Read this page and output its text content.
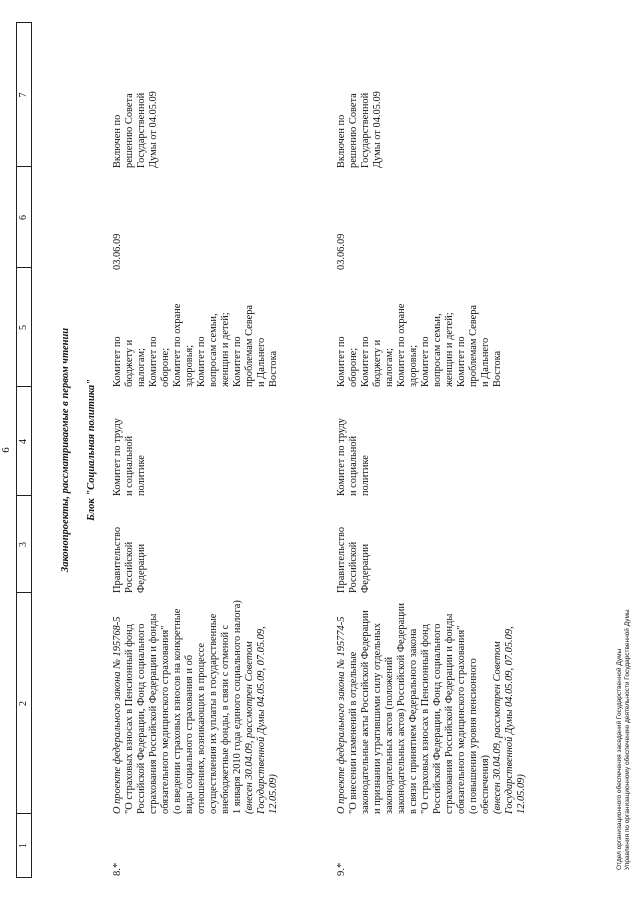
6
1
2
3
4
5
6
7
Законопроекты, рассматриваемые в первом чтении Блок "Социальная политика"
8.*

О проекте федерального закона № 195768-5 "О страховых взносах в Пенсионный фонд Российской Федерации, Фонд социального страхования Российской Федерации и фонды обязательного медицинского страхования" (о введении страховых взносов на конкретные виды социального страхования и об отношениях, возникающих в процессе осуществления их уплаты в государственные внебюджетные фонды, в связи с отменой с 1 января 2010 года единого социального налога) (внесен 30.04.09, рассмотрен Советом Государственной Думы 04.05.09, 07.05.09, 12.05.09)

Правительство Российской Федерации

Комитет по труду и социальной политике

Комитет по бюджету и налогам; Комитет по обороне; Комитет по охране здоровья; Комитет по вопросам семьи, женщин и детей; Комитет по проблемам Севера и Дальнего Востока

03.06.09

Включен по решению Совета Государственной Думы от 04.05.09

9.*

О проекте федерального закона № 195774-5 "О внесении изменений в отдельные законодательные акты Российской Федерации и признании утратившими силу отдельных законодательных актов (положений законодательных актов) Российской Федерации в связи с принятием Федерального закона "О страховых взносах в Пенсионный фонд Российской Федерации, Фонд социального страхования Российской Федерации и фонды обязательного медицинского страхования" (о повышении уровня пенсионного обеспечения) (внесен 30.04.09, рассмотрен Советом Государственной Думы 04.05.09, 07.05.09, 12.05.09)

Правительство Российской Федерации

Комитет по труду и социальной политике

Комитет по обороне; Комитет по бюджету и налогам; Комитет по охране здоровья; Комитет по вопросам семьи, женщин и детей; Комитет по проблемам Севера и Дальнего Востока

03.06.09

Включен по решению Совета Государственной Думы от 04.05.09

Отдел организационного обеспечения заседаний Государственной Думы Управления по организационному обеспечению деятельности Государственной Думы
